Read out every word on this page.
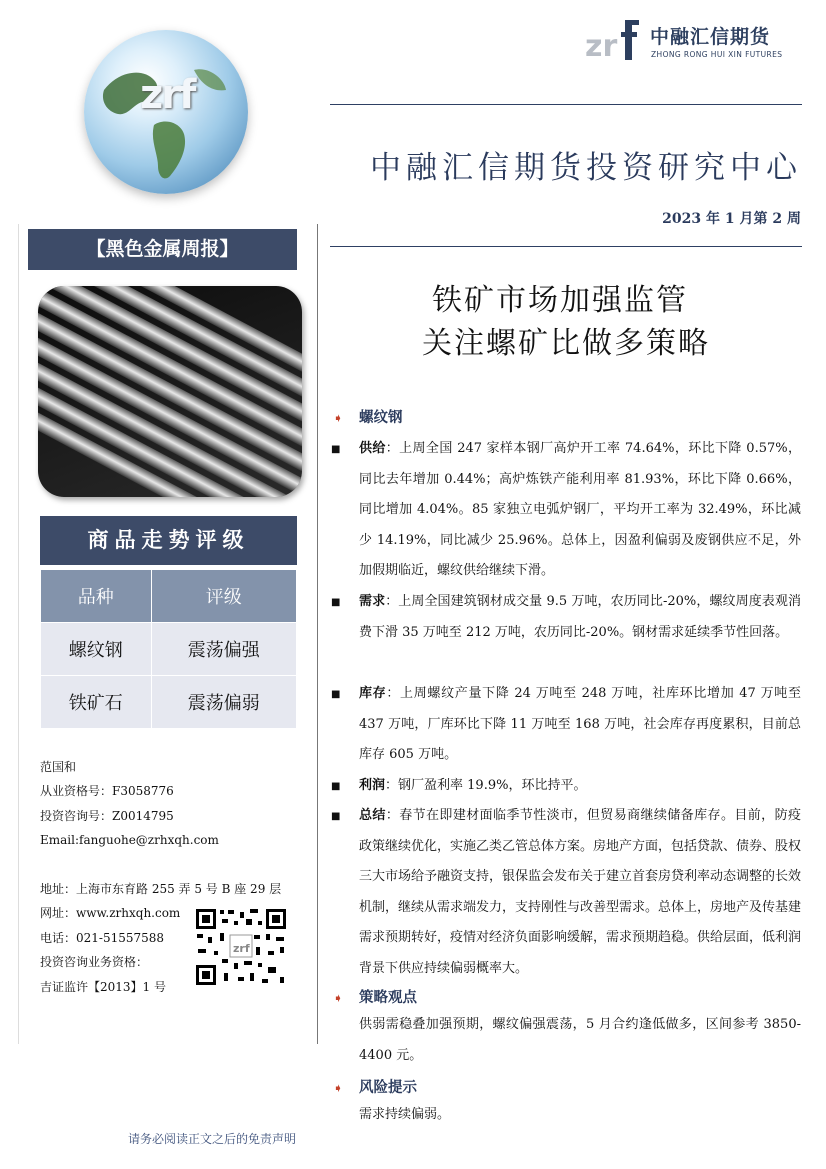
zrf
zr 中融汇信期货
ZHONG RONG HUI XIN FUTURES
中融汇信期货投资研究中心
2023 年 1 月第 2 周
【黑色金属周报】
商品走势评级
品种	评级
螺纹钢	震荡偏强
铁矿石	震荡偏弱
范国和
从业资格号：F3058776
投资咨询号：Z0014795
Email:fanguohe@zrhxqh.com
地址：上海市东育路 255 弄 5 号 B 座 29 层
网址：www.zrhxqh.com
电话：021-51557588
投资咨询业务资格：
吉证监许【2013】1 号
zrf
请务必阅读正文之后的免责声明
铁矿市场加强监管
关注螺矿比做多策略
➧ 螺纹钢
■ 供给：上周全国 247 家样本钢厂高炉开工率 74.64%，环比下降 0.57%，同比去年增加 0.44%；高炉炼铁产能利用率 81.93%，环比下降 0.66%，同比增加 4.04%。85 家独立电弧炉钢厂，平均开工率为 32.49%，环比减少 14.19%，同比减少 25.96%。总体上，因盈利偏弱及废钢供应不足，外加假期临近，螺纹供给继续下滑。
■ 需求：上周全国建筑钢材成交量 9.5 万吨，农历同比-20%，螺纹周度表观消费下滑 35 万吨至 212 万吨，农历同比-20%。钢材需求延续季节性回落。
■ 库存：上周螺纹产量下降 24 万吨至 248 万吨，社库环比增加 47 万吨至 437 万吨，厂库环比下降 11 万吨至 168 万吨，社会库存再度累积，目前总库存 605 万吨。
■ 利润：钢厂盈利率 19.9%，环比持平。
■ 总结：春节在即建材面临季节性淡市，但贸易商继续储备库存。目前，防疫政策继续优化，实施乙类乙管总体方案。房地产方面，包括贷款、债券、股权三大市场给予融资支持，银保监会发布关于建立首套房贷利率动态调整的长效机制，继续从需求端发力，支持刚性与改善型需求。总体上，房地产及传基建需求预期转好，疫情对经济负面影响缓解，需求预期趋稳。供给层面，低利润背景下供应持续偏弱概率大。
➧ 策略观点
供弱需稳叠加强预期，螺纹偏强震荡，5 月合约逢低做多，区间参考 3850-4400 元。
➧ 风险提示
需求持续偏弱。
